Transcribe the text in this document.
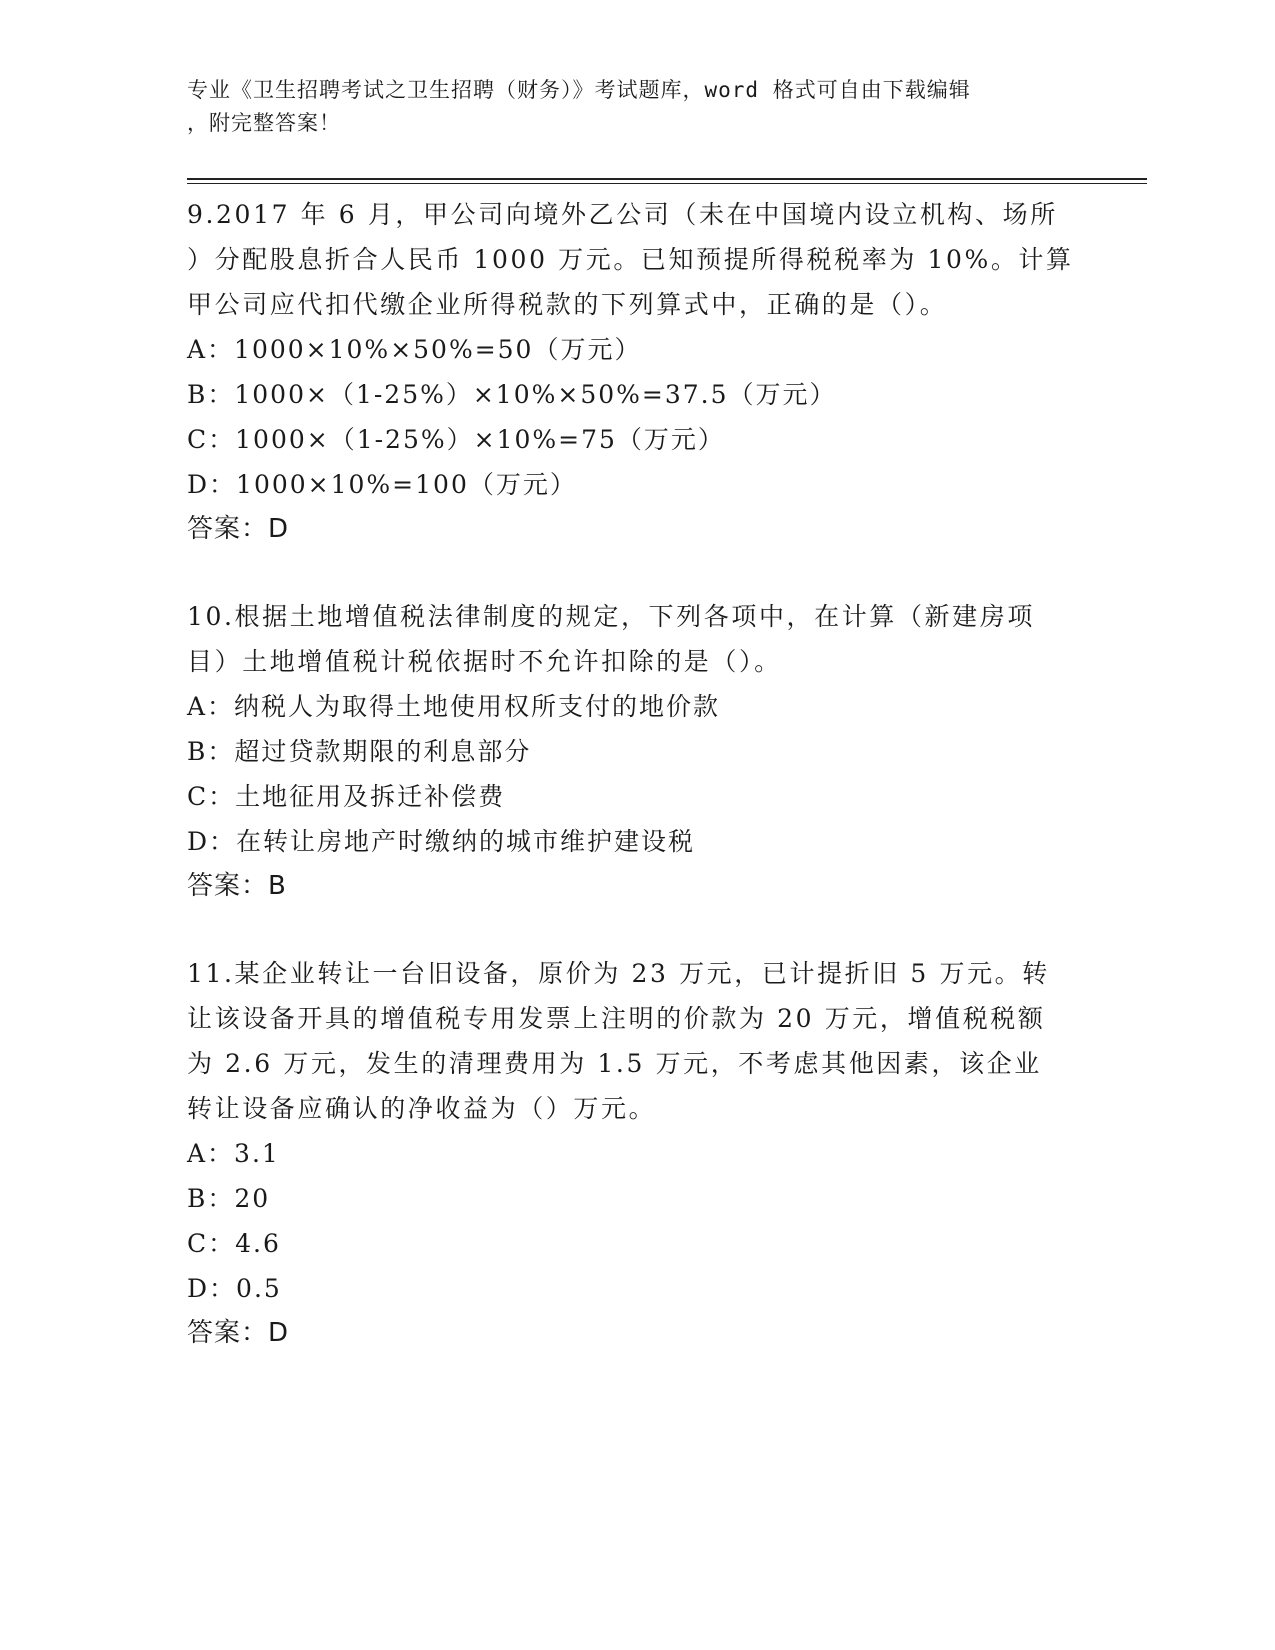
专业《卫生招聘考试之卫生招聘（财务）》考试题库，word 格式可自由下载编辑
，附完整答案！
9.2017 年 6 月，甲公司向境外乙公司（未在中国境内设立机构、场所
）分配股息折合人民币 1000 万元。已知预提所得税税率为 10%。计算
甲公司应代扣代缴企业所得税款的下列算式中，正确的是（）。
A：1000×10%×50%=50（万元）
B：1000×（1-25%）×10%×50%=37.5（万元）
C：1000×（1-25%）×10%=75（万元）
D：1000×10%=100（万元）
答案：D
10.根据土地增值税法律制度的规定，下列各项中，在计算（新建房项
目）土地增值税计税依据时不允许扣除的是（）。
A：纳税人为取得土地使用权所支付的地价款
B：超过贷款期限的利息部分
C：土地征用及拆迁补偿费
D：在转让房地产时缴纳的城市维护建设税
答案：B
11.某企业转让一台旧设备，原价为 23 万元，已计提折旧 5 万元。转
让该设备开具的增值税专用发票上注明的价款为 20 万元，增值税税额
为 2.6 万元，发生的清理费用为 1.5 万元，不考虑其他因素，该企业
转让设备应确认的净收益为（）万元。
A：3.1
B：20
C：4.6
D：0.5
答案：D
